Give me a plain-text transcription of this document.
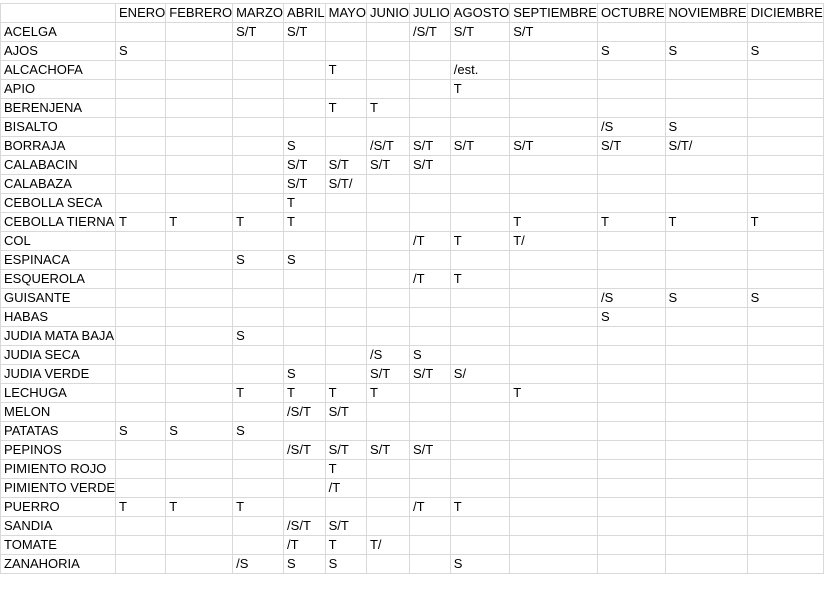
	ENERO	FEBRERO	MARZO	ABRIL	MAYO	JUNIO	JULIO	AGOSTO	SEPTIEMBRE	OCTUBRE	NOVIEMBRE	DICIEMBRE
ACELGA			S/T	S/T			/S/T	S/T	S/T			
AJOS	S									S	S	S
ALCACHOFA					T			/est.				
APIO								T				
BERENJENA					T	T						
BISALTO										/S	S	
BORRAJA				S		/S/T	S/T	S/T	S/T	S/T	S/T/	
CALABACIN				S/T	S/T	S/T	S/T					
CALABAZA				S/T	S/T/							
CEBOLLA SECA				T								
CEBOLLA TIERNA	T	T	T	T					T	T	T	T
COL							/T	T	T/			
ESPINACA			S	S								
ESQUEROLA							/T	T				
GUISANTE										/S	S	S
HABAS										S		
JUDIA MATA BAJA			S									
JUDIA SECA						/S	S					
JUDIA VERDE				S		S/T	S/T	S/				
LECHUGA			T	T	T	T			T			
MELON				/S/T	S/T							
PATATAS	S	S	S									
PEPINOS				/S/T	S/T	S/T	S/T					
PIMIENTO ROJO					T							
PIMIENTO VERDE					/T							
PUERRO	T	T	T				/T	T				
SANDIA				/S/T	S/T							
TOMATE				/T	T	T/						
ZANAHORIA			/S	S	S			S				
